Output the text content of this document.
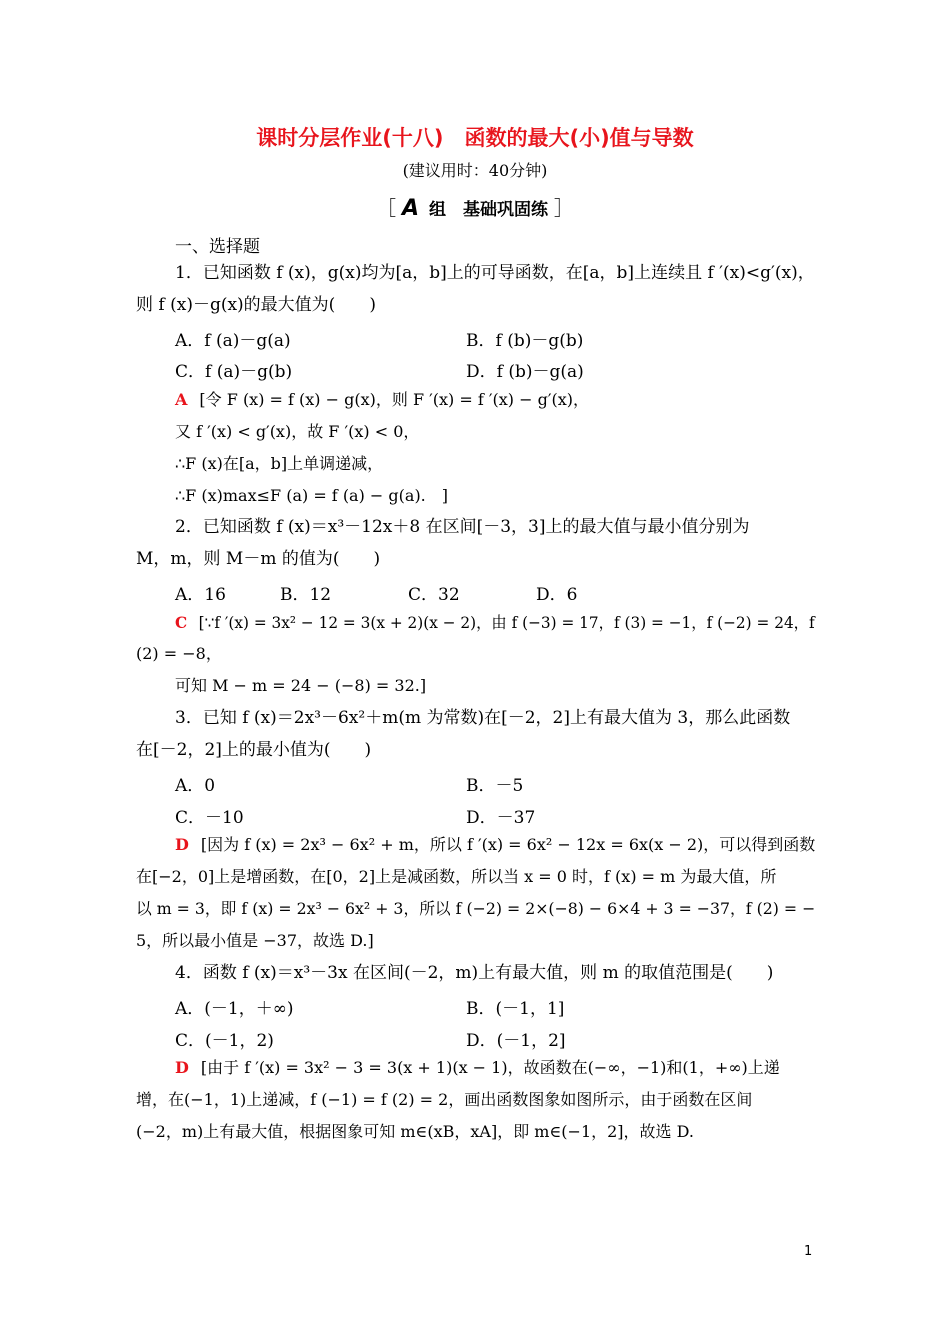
课时分层作业(十八)　函数的最大(小)值与导数
(建议用时：40分钟)
［ A 组　基础巩固练 ］
一、选择题
1．已知函数 f (x)，g(x)均为[a，b]上的可导函数，在[a，b]上连续且 f ′(x)<g′(x)，
则 f (x)－g(x)的最大值为(　　)
A．f (a)－g(a)	B．f (b)－g(b)
C．f (a)－g(b)	D．f (b)－g(a)
A [令 F (x) = f (x) − g(x)，则 F ′(x) = f ′(x) − g′(x)，
又 f ′(x) < g′(x)，故 F ′(x) < 0，
∴F (x)在[a，b]上单调递减，
∴F (x)max≤F (a) = f (a) − g(a).　]
2．已知函数 f (x)＝x³－12x＋8 在区间[－3，3]上的最大值与最小值分别为
M，m，则 M－m 的值为(　　)
A．16	B．12	C．32	D．6
C [∵f ′(x) = 3x² − 12 = 3(x + 2)(x − 2)，由 f (−3) = 17，f (3) = −1，f (−2) = 24，f
(2) = −8，
可知 M − m = 24 − (−8) = 32.]
3．已知 f (x)＝2x³－6x²＋m(m 为常数)在[－2，2]上有最大值为 3，那么此函数
在[－2，2]上的最小值为(　　)
A．0	B．－5
C．－10	D．－37
D [因为 f (x) = 2x³ − 6x² + m，所以 f ′(x) = 6x² − 12x = 6x(x − 2)，可以得到函数
在[−2，0]上是增函数，在[0，2]上是减函数，所以当 x = 0 时，f (x) = m 为最大值，所
以 m = 3，即 f (x) = 2x³ − 6x² + 3，所以 f (−2) = 2×(−8) − 6×4 + 3 = −37，f (2) = −
5，所以最小值是 −37，故选 D.]
4．函数 f (x)＝x³－3x 在区间(－2，m)上有最大值，则 m 的取值范围是(　　)
A．(－1，＋∞)	B．(－1，1]
C．(－1，2)	D．(－1，2]
D [由于 f ′(x) = 3x² − 3 = 3(x + 1)(x − 1)，故函数在(−∞，−1)和(1，+∞)上递
增，在(−1，1)上递减，f (−1) = f (2) = 2，画出函数图象如图所示，由于函数在区间
(−2，m)上有最大值，根据图象可知 m∈(xB，xA]，即 m∈(−1，2]，故选 D.
1
